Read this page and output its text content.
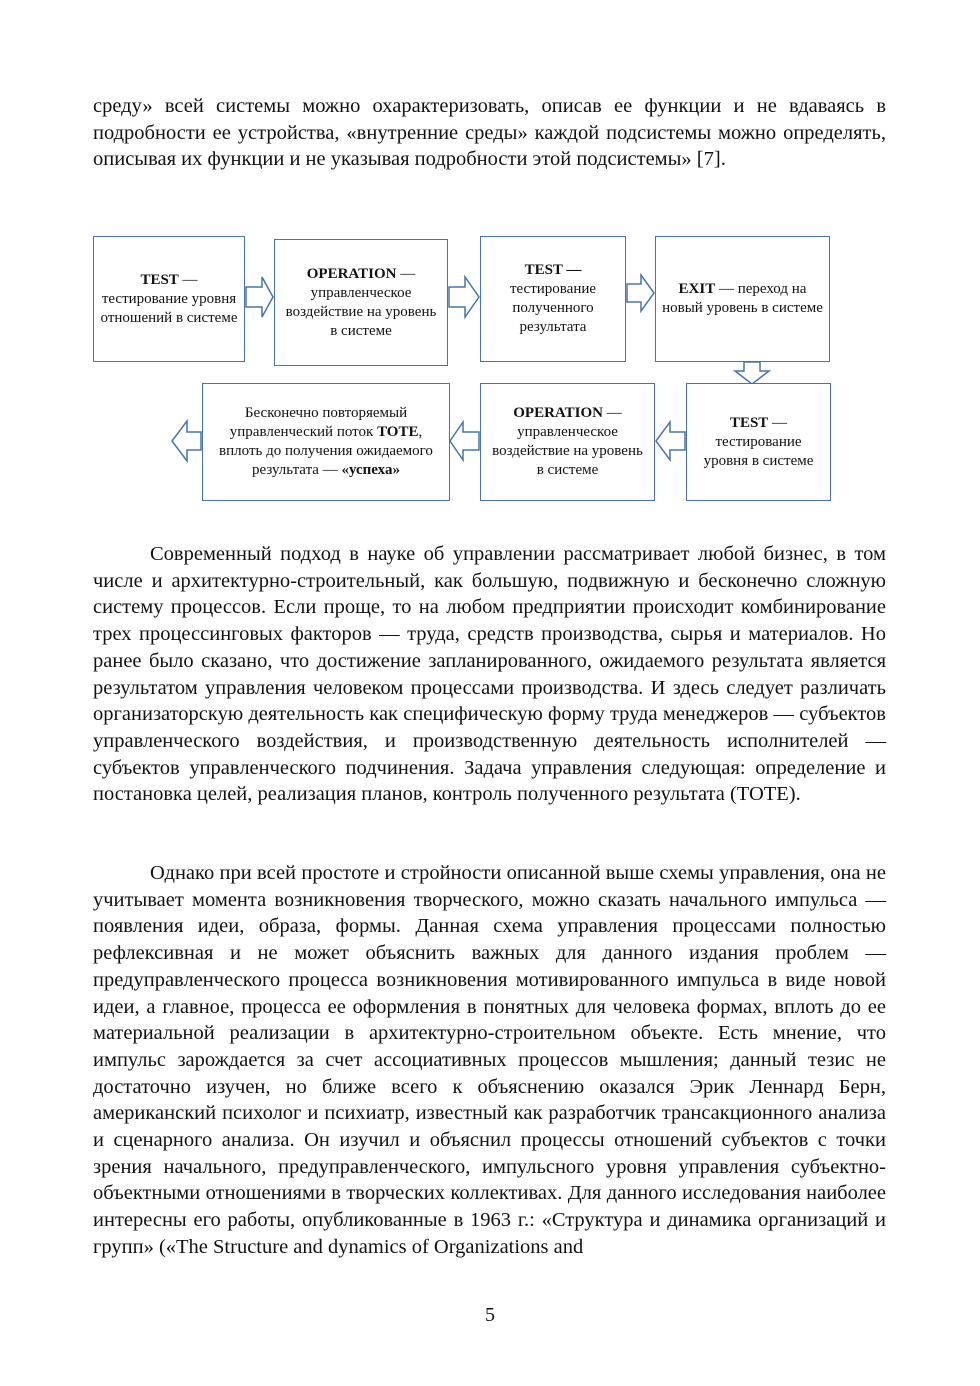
среду» всей системы можно охарактеризовать, описав ее функции и не вдаваясь в подробности ее устройства, «внутренние среды» каждой подсистемы можно определять, описывая их функции и не указывая подробности этой подсистемы» [7].

TEST — тестирование уровня отношений в системе
OPERATION — управленческое воздействие на уровень в системе
TEST — тестирование полученного результата
EXIT — переход на новый уровень в системе
TEST — тестирование уровня в системе
OPERATION — управленческое воздействие на уровень в системе
Бесконечно повторяемый управленческий поток TOTE, вплоть до получения ожидаемого результата — «успеха»

Современный подход в науке об управлении рассматривает любой бизнес, в том числе и архитектурно-строительный, как большую, подвижную и бесконечно сложную систему процессов. Если проще, то на любом предприятии происходит комбинирование трех процессинговых факторов — труда, средств производства, сырья и материалов. Но ранее было сказано, что достижение запланированного, ожидаемого результата является результатом управления человеком процессами производства. И здесь следует различать организаторскую деятельность как специфическую форму труда менеджеров — субъектов управленческого воздействия, и производственную деятельность исполнителей — субъектов управленческого подчинения. Задача управления следующая: определение и постановка целей, реализация планов, контроль полученного результата (TOTE).

Однако при всей простоте и стройности описанной выше схемы управления, она не учитывает момента возникновения творческого, можно сказать начального импульса — появления идеи, образа, формы. Данная схема управления процессами полностью рефлексивная и не может объяснить важных для данного издания проблем — предуправленческого процесса возникновения мотивированного импульса в виде новой идеи, а главное, процесса ее оформления в понятных для человека формах, вплоть до ее материальной реализации в архитектурно-строительном объекте. Есть мнение, что импульс зарождается за счет ассоциативных процессов мышления; данный тезис не достаточно изучен, но ближе всего к объяснению оказался Эрик Леннард Берн, американский психолог и психиатр, известный как разработчик трансакционного анализа и сценарного анализа. Он изучил и объяснил процессы отношений субъектов с точки зрения начального, предуправленческого, импульсного уровня управления субъектно-объектными отношениями в творческих коллективах. Для данного исследования наиболее интересны его работы, опубликованные в 1963 г.: «Структура и динамика организаций и групп» («The Structure and dynamics of Organizations and

5
